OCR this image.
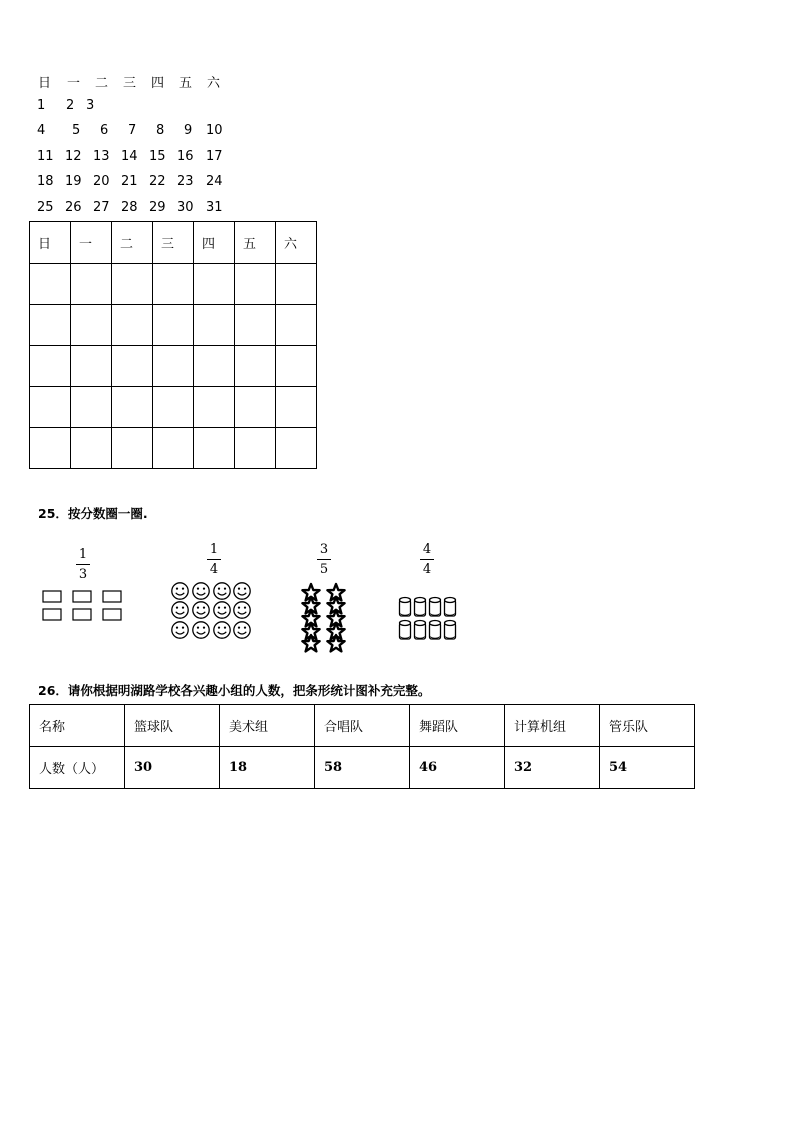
日 一 二 三 四 五 六
1 2 3
4 5 6 7 8 9 10
11 12 13 14 15 16 17
18 19 20 21 22 23 24
25 26 27 28 29 30 31
日	一	二	三	四	五	六

25．按分数圈一圈.
1
3
1
4
3
5
4
4
26．请你根据明湖路学校各兴趣小组的人数，把条形统计图补充完整。
名称	篮球队	美术组	合唱队	舞蹈队	计算机组	管乐队
人数（人）	30	18	58	46	32	54
